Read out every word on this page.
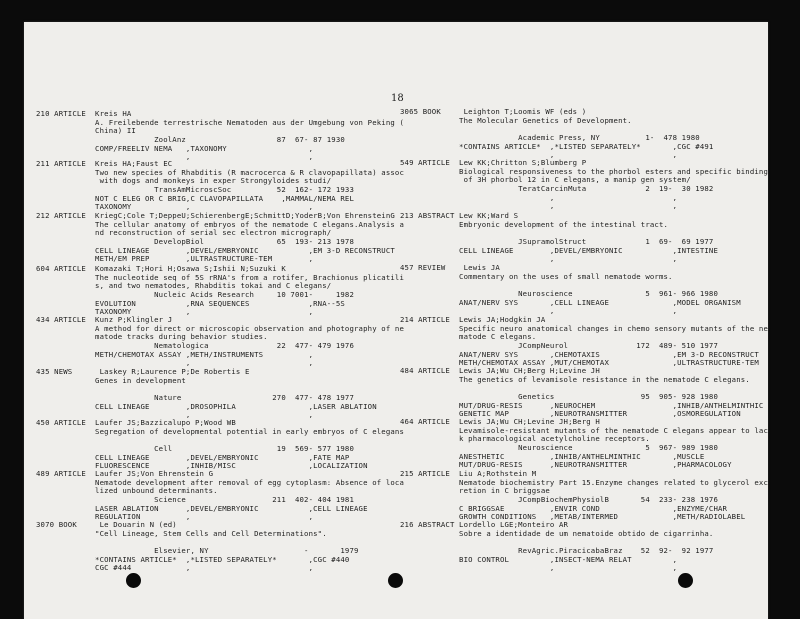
18
210 ARTICLE  Kreis HA
A. Freilebende terrestrische Nematoden aus der Umgebung von Peking (
China) II
ZoolAnz                    87  67- 87 1930
COMP/FREELIV NEMA   ,TAXONOMY                  ,
,                          ,
211 ARTICLE  Kreis HA;Faust EC
Two new species of Rhabditis (R macrocerca & R clavopapillata) assoc
with dogs and monkeys in exper Strongyloides studi/
TransAmMicroscSoc          52  162- 172 1933
NOT C ELEG OR C BRIG,C CLAVOPAPILLATA    ,MAMMAL/NEMA REL
TAXONOMY            ,                          ,
212 ARTICLE  KriegC;Cole T;DeppeU;SchierenbergE;SchmittD;YoderB;Von EhrensteinG
The cellular anatomy of embryos of the nematode C elegans.Analysis a
nd reconstruction of serial sec electron micrograph/
DevelopBiol                65  193- 213 1978
CELL LINEAGE        ,DEVEL/EMBRYONIC           ,EM 3-D RECONSTRUCT
METH/EM PREP        ,ULTRASTRUCTURE-TEM        ,
604 ARTICLE  Komazaki T;Hori H;Osawa S;Ishii N;Suzuki K
The nucleotide seq of 5S rRNA's from a rotifer, Brachionus plicatili
s, and two nematodes, Rhabditis tokai and C elegans/
Nucleic Acids Research     10 7001-     1982
EVOLUTION           ,RNA SEQUENCES             ,RNA--5S
TAXONOMY            ,                          ,
434 ARTICLE  Kunz P;Klingler J
A method for direct or microscopic observation and photography of ne
matode tracks during behavior studies.
Nematologica               22  477- 479 1976
METH/CHEMOTAX ASSAY ,METH/INSTRUMENTS          ,
,                          ,
435 NEWS      Laskey R;Laurence P;De Robertis E
Genes in development
Nature                    270  477- 478 1977
CELL LINEAGE        ,DROSOPHILA                ,LASER ABLATION
,                          ,
450 ARTICLE  Laufer JS;Bazzicalupo P;Wood WB
Segregation of developmental potential in early embryos of C elegans
Cell                       19  569- 577 1980
CELL LINEAGE        ,DEVEL/EMBRYONIC           ,FATE MAP
FLUORESCENCE        ,INHIB/MISC                ,LOCALIZATION
489 ARTICLE  Laufer JS;Von Ehrenstein G
Nematode development after removal of egg cytoplasm: Absence of loca
lized unbound determinants.
Science                   211  402- 404 1981
LASER ABLATION      ,DEVEL/EMBRYONIC           ,CELL LINEAGE
REGULATION          ,                          ,
3070 BOOK     Le Douarin N (ed)
"Cell Lineage, Stem Cells and Cell Determinations".
Elsevier, NY                     -       1979
*CONTAINS ARTICLE*  ,*LISTED SEPARATELY*       ,CGC #440
CGC #444            ,                          ,
3065 BOOK     Leighton T;Loomis WF (eds )
The Molecular Genetics of Development.
Academic Press, NY          1-  478 1980
*CONTAINS ARTICLE*  ,*LISTED SEPARATELY*       ,CGC #491
,                          ,
549 ARTICLE  Lew KK;Chritton S;Blumberg P
Biological responsiveness to the phorbol esters and specific binding
of 3H phorbol 12 in C elegans, a manip gen system/
TeratCarcinMuta             2  19-  30 1982
,                          ,
,                          ,
213 ABSTRACT Lew KK;Ward S
Embryonic development of the intestinal tract.
JSupramolStruct             1  69-  69 1977
CELL LINEAGE        ,DEVEL/EMBRYONIC           ,INTESTINE
,                          ,
457 REVIEW    Lewis JA
Commentary on the uses of small nematode worms.
Neuroscience                5  961- 966 1980
ANAT/NERV SYS       ,CELL LINEAGE              ,MODEL ORGANISM
,                          ,
214 ARTICLE  Lewis JA;Hodgkin JA
Specific neuro anatomical changes in chemo sensory mutants of the ne
matode C elegans.
JCompNeurol               172  489- 510 1977
ANAT/NERV SYS       ,CHEMOTAXIS                ,EM 3-D RECONSTRUCT
METH/CHEMOTAX ASSAY ,MUT/CHEMOTAX              ,ULTRASTRUCTURE-TEM
484 ARTICLE  Lewis JA;Wu CH;Berg H;Levine JH
The genetics of levamisole resistance in the nematode C elegans.
Genetics                   95  905- 928 1980
MUT/DRUG-RESIS      ,NEUROCHEM                 ,INHIB/ANTHELMINTHIC
GENETIC MAP         ,NEUROTRANSMITTER          ,OSMOREGULATION
464 ARTICLE  Lewis JA;Wu CH;Levine JH;Berg H
Levamisole-resistant mutants of the nematode C elegans appear to lac
k pharmacological acetylcholine receptors.
Neuroscience                5  967- 989 1980
ANESTHETIC          ,INHIB/ANTHELMINTHIC       ,MUSCLE
MUT/DRUG-RESIS      ,NEUROTRANSMITTER          ,PHARMACOLOGY
215 ARTICLE  Liu A;Rothstein M
Nematode biochemistry Part 15.Enzyme changes related to glycerol exc
retion in C briggsae
JCompBiochemPhysiolB       54  233- 238 1976
C BRIGGSAE          ,ENVIR COND                ,ENZYME/CHAR
GROWTH CONDITIONS   ,METAB/INTERMED            ,METH/RADIOLABEL
216 ABSTRACT Lordello LGE;Monteiro AR
Sobre a identidade de um nematoide obtido de cigarrinha.
RevAgric.PiracicabaBraz    52  92-  92 1977
BIO CONTROL         ,INSECT-NEMA RELAT         ,
,                          ,
